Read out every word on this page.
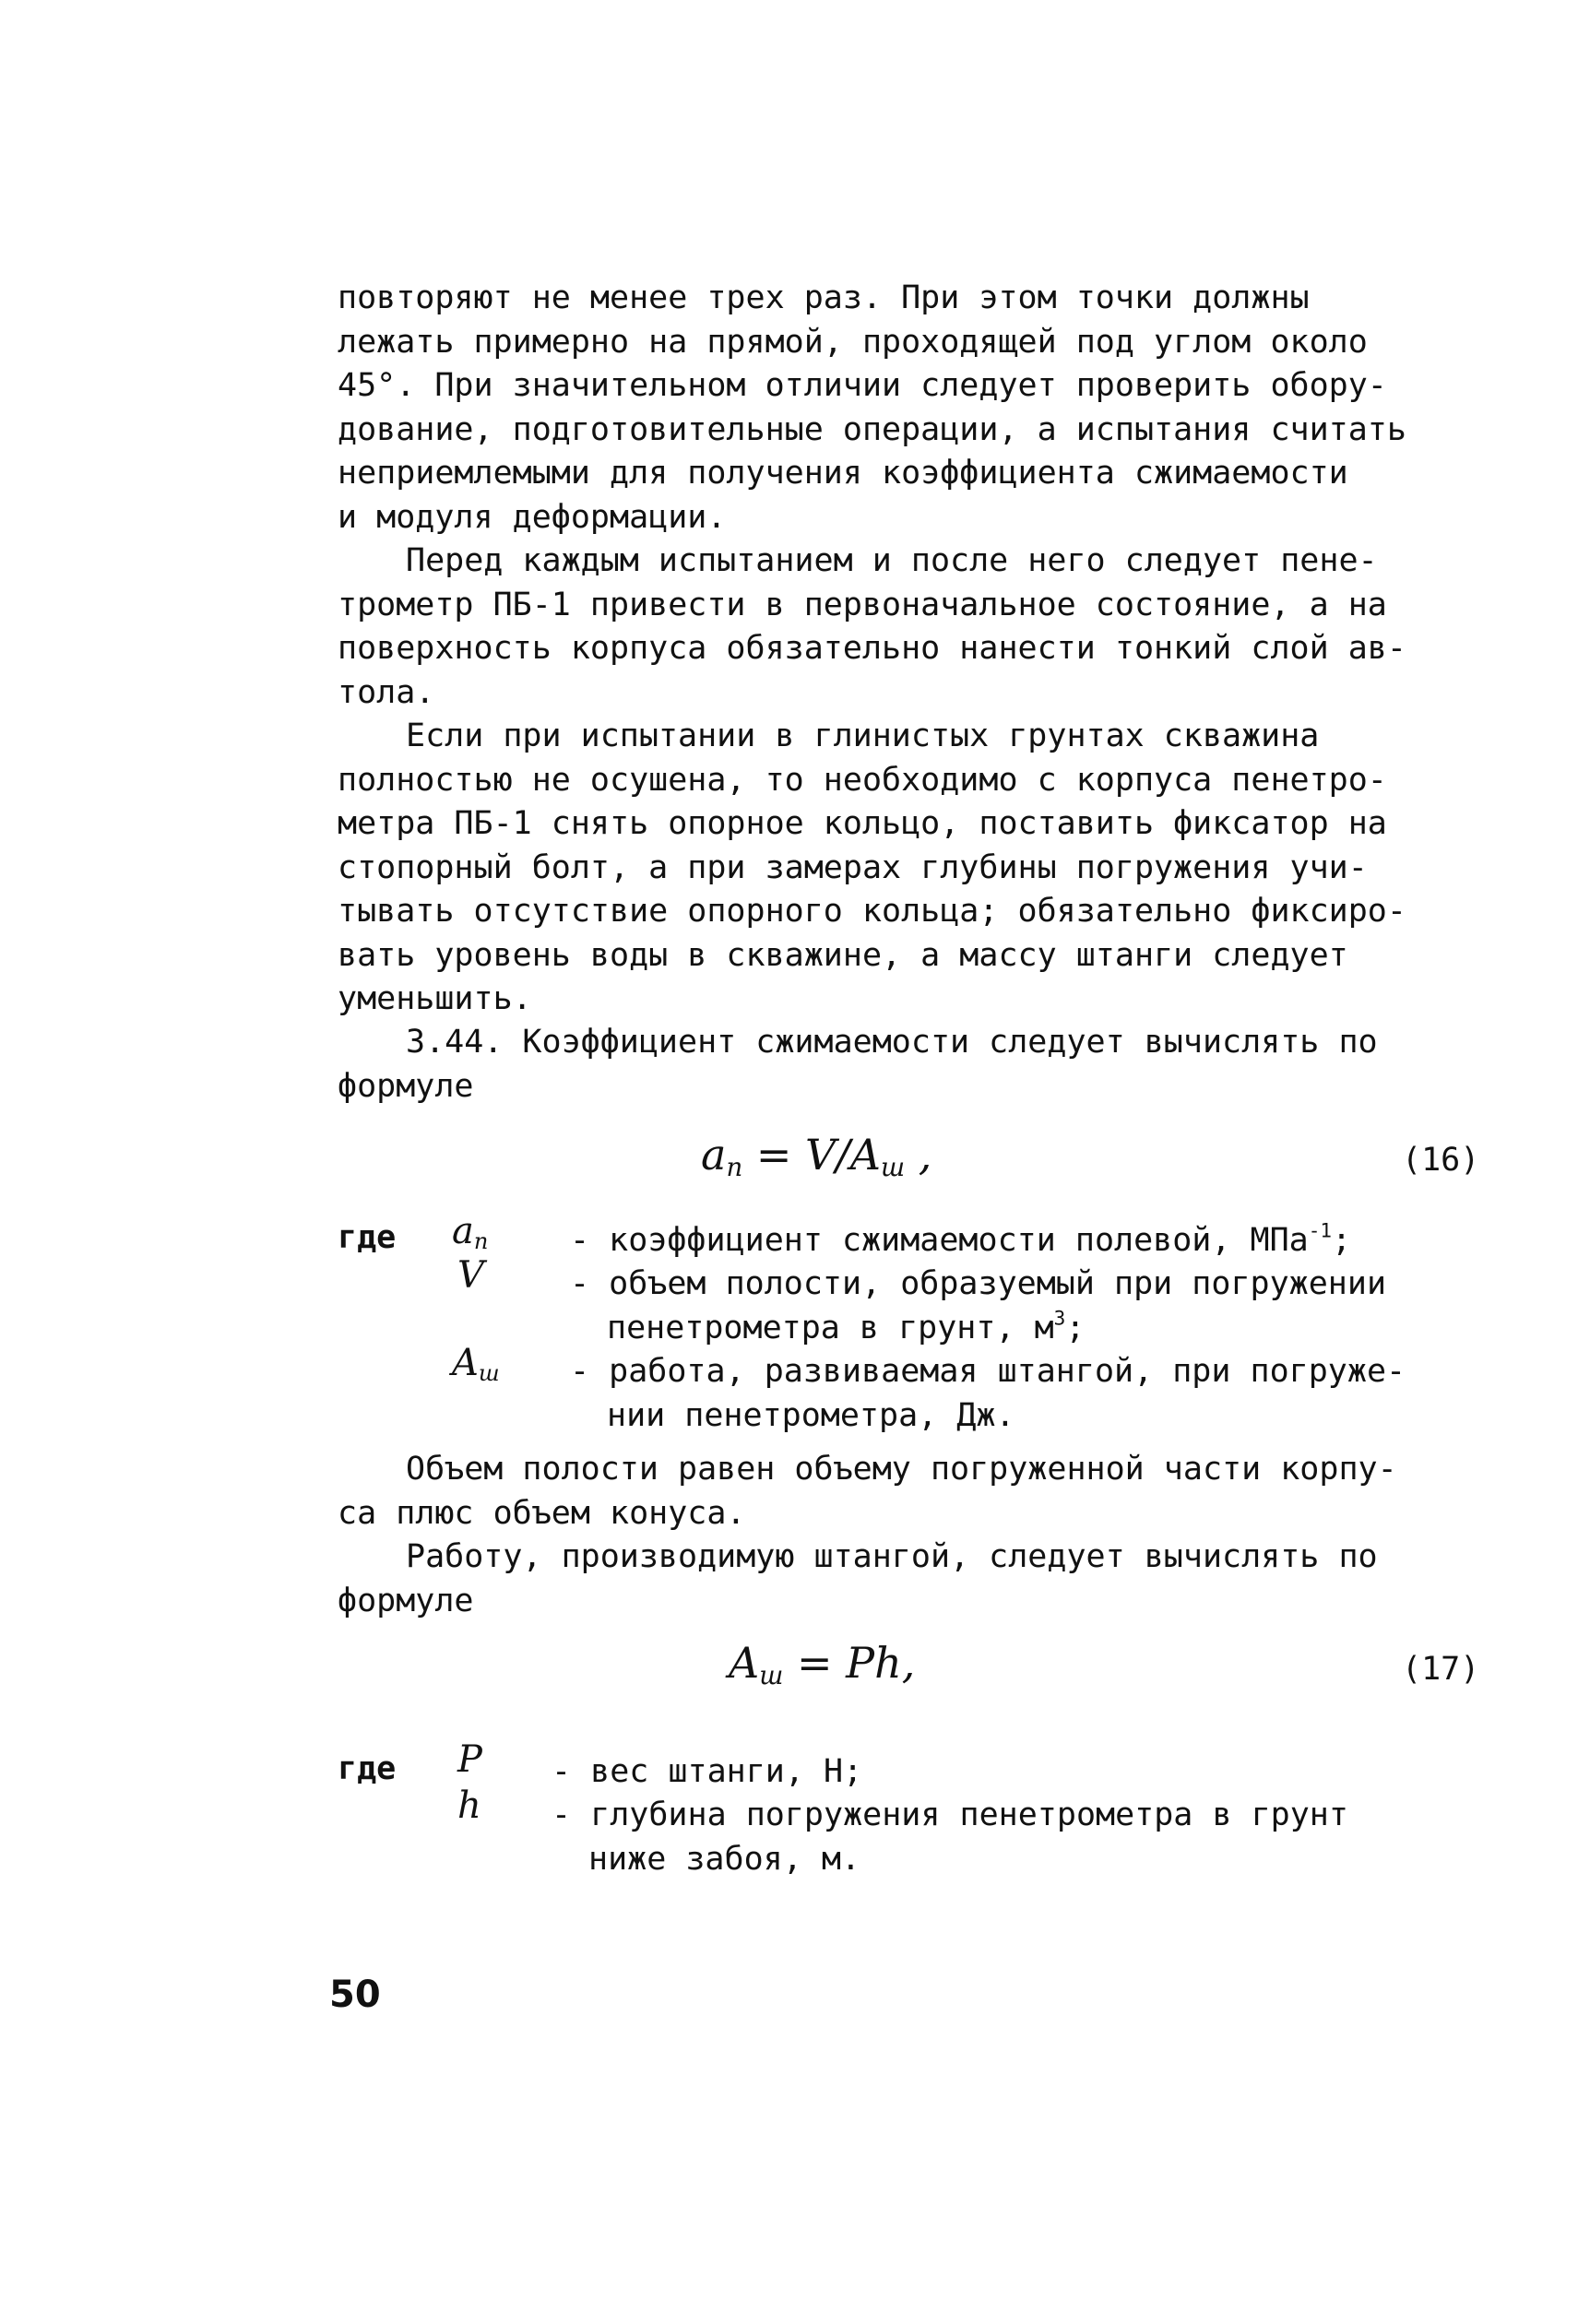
повторяют не менее трех раз. При этом точки должны
лежать примерно на прямой, проходящей под углом около
45°. При значительном отличии следует проверить обору-
дование, подготовительные операции, а испытания считать
неприемлемыми для получения коэффициента сжимаемости
и модуля деформации.
Перед каждым испытанием и после него следует пене-
трометр ПБ-1 привести в первоначальное состояние, а на
поверхность корпуса обязательно нанести тонкий слой ав-
тола.
Если при испытании в глинистых грунтах скважина
полностью не осушена, то необходимо с корпуса пенетро-
метра ПБ-1 снять опорное кольцо, поставить фиксатор на
стопорный болт, а при замерах глубины погружения учи-
тывать отсутствие опорного кольца; обязательно фиксиро-
вать уровень воды в скважине, а массу штанги следует
уменьшить.
3.44. Коэффициент сжимаемости следует вычислять по
формуле
$a_п = V/A_ш$ ,	(16)
где $a_п$	- коэффициент сжимаемости полевой, МПа$^{-1}$;
V	- объем полости, образуемый при погружении
пенетрометра в грунт, $м^3$;
$A_ш$ - работа, развиваемая штангой, при погруже-
нии пенетрометра, Дж.
Объем полости равен объему погруженной части корпу-
са плюс объем конуса.
Работу, производимую штангой, следует вычислять по
формуле
$A_ш = Ph$,	(17)
где P - вес штанги, Н;
h - глубина погружения пенетрометра в грунт
ниже забоя, м.
50
